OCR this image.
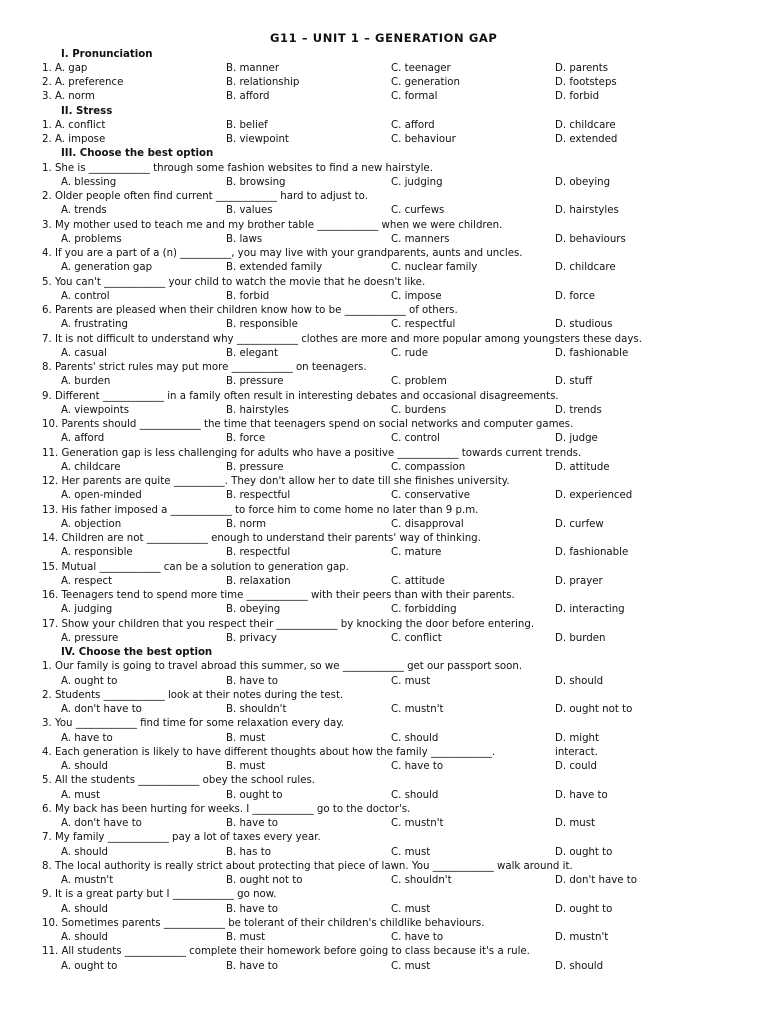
G11 – UNIT 1 – GENERATION GAP
I. Pronunciation
1. A. gap	B. manner	C. teenager	D. parents
2. A. preference	B. relationship	C. generation	D. footsteps
3. A. norm	B. afford	C. formal	D. forbid
II. Stress
1. A. conflict	B. belief	C. afford	D. childcare
2. A. impose	B. viewpoint	C. behaviour	D. extended
III. Choose the best option
1. She is ____________ through some fashion websites to find a new hairstyle.
A. blessing	B. browsing	C. judging	D. obeying
2. Older people often find current ____________ hard to adjust to.
A. trends	B. values	C. curfews	D. hairstyles
3. My mother used to teach me and my brother table ____________ when we were children.
A. problems	B. laws	C. manners	D. behaviours
4. If you are a part of a (n) __________, you may live with your grandparents, aunts and uncles.
A. generation gap	B. extended family	C. nuclear family	D. childcare
5. You can't ____________ your child to watch the movie that he doesn't like.
A. control	B. forbid	C. impose	D. force
6. Parents are pleased when their children know how to be ____________ of others.
A. frustrating	B. responsible	C. respectful	D. studious
7. It is not difficult to understand why ____________ clothes are more and more popular among youngsters these days.
A. casual	B. elegant	C. rude	D. fashionable
8. Parents' strict rules may put more ____________ on teenagers.
A. burden	B. pressure	C. problem	D. stuff
9. Different ____________ in a family often result in interesting debates and occasional disagreements.
A. viewpoints	B. hairstyles	C. burdens	D. trends
10. Parents should ____________ the time that teenagers spend on social networks and computer games.
A. afford	B. force	C. control	D. judge
11. Generation gap is less challenging for adults who have a positive ____________ towards current trends.
A. childcare	B. pressure	C. compassion	D. attitude
12. Her parents are quite __________. They don't allow her to date till she finishes university.
A. open-minded	B. respectful	C. conservative	D. experienced
13. His father imposed a ____________ to force him to come home no later than 9 p.m.
A. objection	B. norm	C. disapproval	D. curfew
14. Children are not ____________ enough to understand their parents' way of thinking.
A. responsible	B. respectful	C. mature	D. fashionable
15. Mutual ____________ can be a solution to generation gap.
A. respect	B. relaxation	C. attitude	D. prayer
16. Teenagers tend to spend more time ____________ with their peers than with their parents.
A. judging	B. obeying	C. forbidding	D. interacting
17. Show your children that you respect their ____________ by knocking the door before entering.
A. pressure	B. privacy	C. conflict	D. burden
IV. Choose the best option
1. Our family is going to travel abroad this summer, so we ____________ get our passport soon.
A. ought to	B. have to	C. must	D. should
2. Students ____________ look at their notes during the test.
A. don't have to	B. shouldn't	C. mustn't	D. ought not to
3. You ____________ find time for some relaxation every day.
A. have to	B. must	C. should	D. might
4. Each generation is likely to have different thoughts about how the family ____________.	interact.
A. should	B. must	C. have to	D. could
5. All the students ____________ obey the school rules.
A. must	B. ought to	C. should	D. have to
6. My back has been hurting for weeks. I ____________ go to the doctor's.
A. don't have to	B. have to	C. mustn't	D. must
7. My family ____________ pay a lot of taxes every year.
A. should	B. has to	C. must	D. ought to
8. The local authority is really strict about protecting that piece of lawn. You ____________ walk around it.
A. mustn't	B. ought not to	C. shouldn't	D. don't have to
9. It is a great party but I ____________ go now.
A. should	B. have to	C. must	D. ought to
10. Sometimes parents ____________ be tolerant of their children's childlike behaviours.
A. should	B. must	C. have to	D. mustn't
11. All students ____________ complete their homework before going to class because it's a rule.
A. ought to	B. have to	C. must	D. should
